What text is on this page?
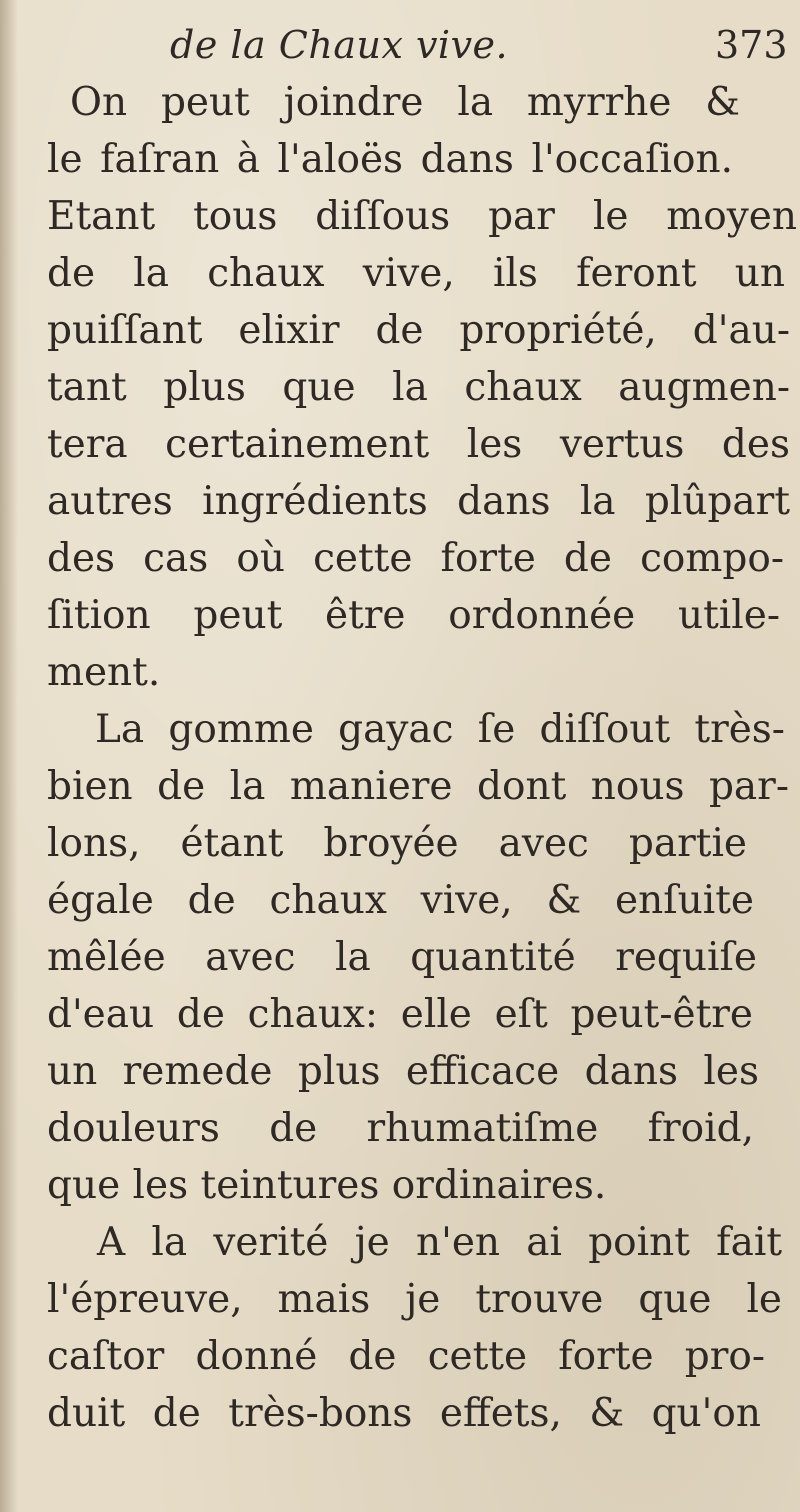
de la Chaux vive.	373
On peut joindre la myrrhe &
le faſran à l'aloës dans l'occaſion.
Etant tous diſſous par le moyen
de la chaux vive, ils feront un
puiſſant elixir de propriété, d'au-
tant plus que la chaux augmen-
tera certainement les vertus des
autres ingrédients dans la plûpart
des cas où cette forte de compo-
ſition peut être ordonnée utile-
ment.
La gomme gayac ſe diſſout très-
bien de la maniere dont nous par-
lons, étant broyée avec partie
égale de chaux vive, & enſuite
mêlée avec la quantité requiſe
d'eau de chaux: elle eſt peut-être
un remede plus efficace dans les
douleurs de rhumatiſme froid,
que les teintures ordinaires.
A la verité je n'en ai point fait
l'épreuve, mais je trouve que le
caſtor donné de cette forte pro-
duit de très-bons effets, & qu'on
